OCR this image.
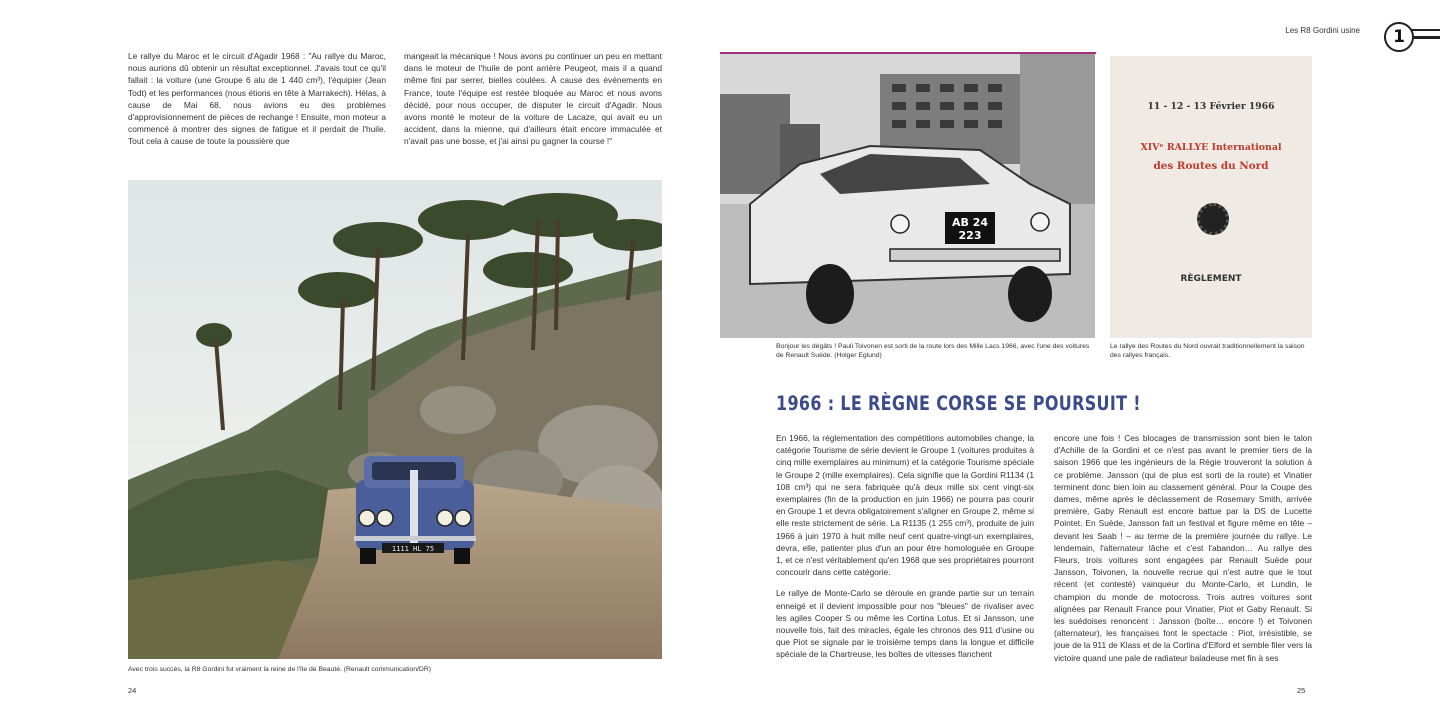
Le rallye du Maroc et le circuit d'Agadir 1968 : "Au rallye du Maroc, nous aurions dû obtenir un résultat exceptionnel. J'avais tout ce qu'il fallait : la voiture (une Groupe 6 alu de 1 440 cm³), l'équipier (Jean Todt) et les performances (nous étions en tête à Marrakech). Hélas, à cause de Mai 68, nous avions eu des problèmes d'approvisionnement de pièces de rechange ! Ensuite, mon moteur a commencé à montrer des signes de fatigue et il perdait de l'huile. Tout cela à cause de toute la poussière que

mangeait la mécanique ! Nous avons pu continuer un peu en mettant dans le moteur de l'huile de pont arrière Peugeot, mais il a quand même fini par serrer, bielles coulées. À cause des événements en France, toute l'équipe est restée bloquée au Maroc et nous avons décidé, pour nous occuper, de disputer le circuit d'Agadir. Nous avons monté le moteur de la voiture de Lacaze, qui avait eu un accident, dans la mienne, qui d'ailleurs était encore immaculée et n'avait pas une bosse, et j'ai ainsi pu gagner la course !"

1111 HL 75
Avec trois succès, la R8 Gordini fut vraiment la reine de l'île de Beauté. (Renault communication/DR)
24
Les R8 Gordini usine	1
AB 24
223
11 - 12 - 13 Février 1966
XIVᵉ RALLYE International
des Routes du Nord
RÈGLEMENT
Bonjour les dégâts ! Pauli Toivonen est sorti de la route lors des Mille Lacs 1966, avec l'une des voitures de Renault Suède. (Holger Eglund)
Le rallye des Routes du Nord ouvrait traditionnellement la saison des rallyes français.
1966 : LE RÈGNE CORSE SE POURSUIT !

En 1966, la réglementation des compétitions automobiles change, la catégorie Tourisme de série devient le Groupe 1 (voitures produites à cinq mille exemplaires au minimum) et la catégorie Tourisme spéciale le Groupe 2 (mille exemplaires). Cela signifie que la Gordini R1134 (1 108 cm³) qui ne sera fabriquée qu'à deux mille six cent vingt-six exemplaires (fin de la production en juin 1966) ne pourra pas courir en Groupe 1 et devra obligatoirement s'aligner en Groupe 2, même si elle reste strictement de série. La R1135 (1 255 cm³), produite de juin 1966 à juin 1970 à huit mille neuf cent quatre-vingt-un exemplaires, devra, elle, patienter plus d'un an pour être homologuée en Groupe 1, et ce n'est véritablement qu'en 1968 que ses propriétaires pourront concourir dans cette catégorie.

Le rallye de Monte-Carlo se déroule en grande partie sur un terrain enneigé et il devient impossible pour nos "bleues" de rivaliser avec les agiles Cooper S ou même les Cortina Lotus. Et si Jansson, une nouvelle fois, fait des miracles, égale les chronos des 911 d'usine ou que Piot se signale par le troisième temps dans la longue et difficile spéciale de la Chartreuse, les boîtes de vitesses flanchent

encore une fois ! Ces blocages de transmission sont bien le talon d'Achille de la Gordini et ce n'est pas avant le premier tiers de la saison 1966 que les ingénieurs de la Régie trouveront la solution à ce problème. Jansson (qui de plus est sorti de la route) et Vinatier terminent donc bien loin au classement général. Pour la Coupe des dames, même après le déclassement de Rosemary Smith, arrivée première, Gaby Renault est encore battue par la DS de Lucette Pointet. En Suède, Jansson fait un festival et figure même en tête – devant les Saab ! – au terme de la première journée du rallye. Le lendemain, l'alternateur lâche et c'est l'abandon… Au rallye des Fleurs, trois voitures sont engagées par Renault Suède pour Jansson, Toivonen, la nouvelle recrue qui n'est autre que le tout récent (et contesté) vainqueur du Monte-Carlo, et Lundin, le champion du monde de motocross. Trois autres voitures sont alignées par Renault France pour Vinatier, Piot et Gaby Renault. Si les suédoises renoncent : Jansson (boîte… encore !) et Toivonen (alternateur), les françaises font le spectacle : Piot, irrésistible, se joue de la 911 de Klass et de la Cortina d'Elford et semble filer vers la victoire quand une pale de radiateur baladeuse met fin à ses

25
